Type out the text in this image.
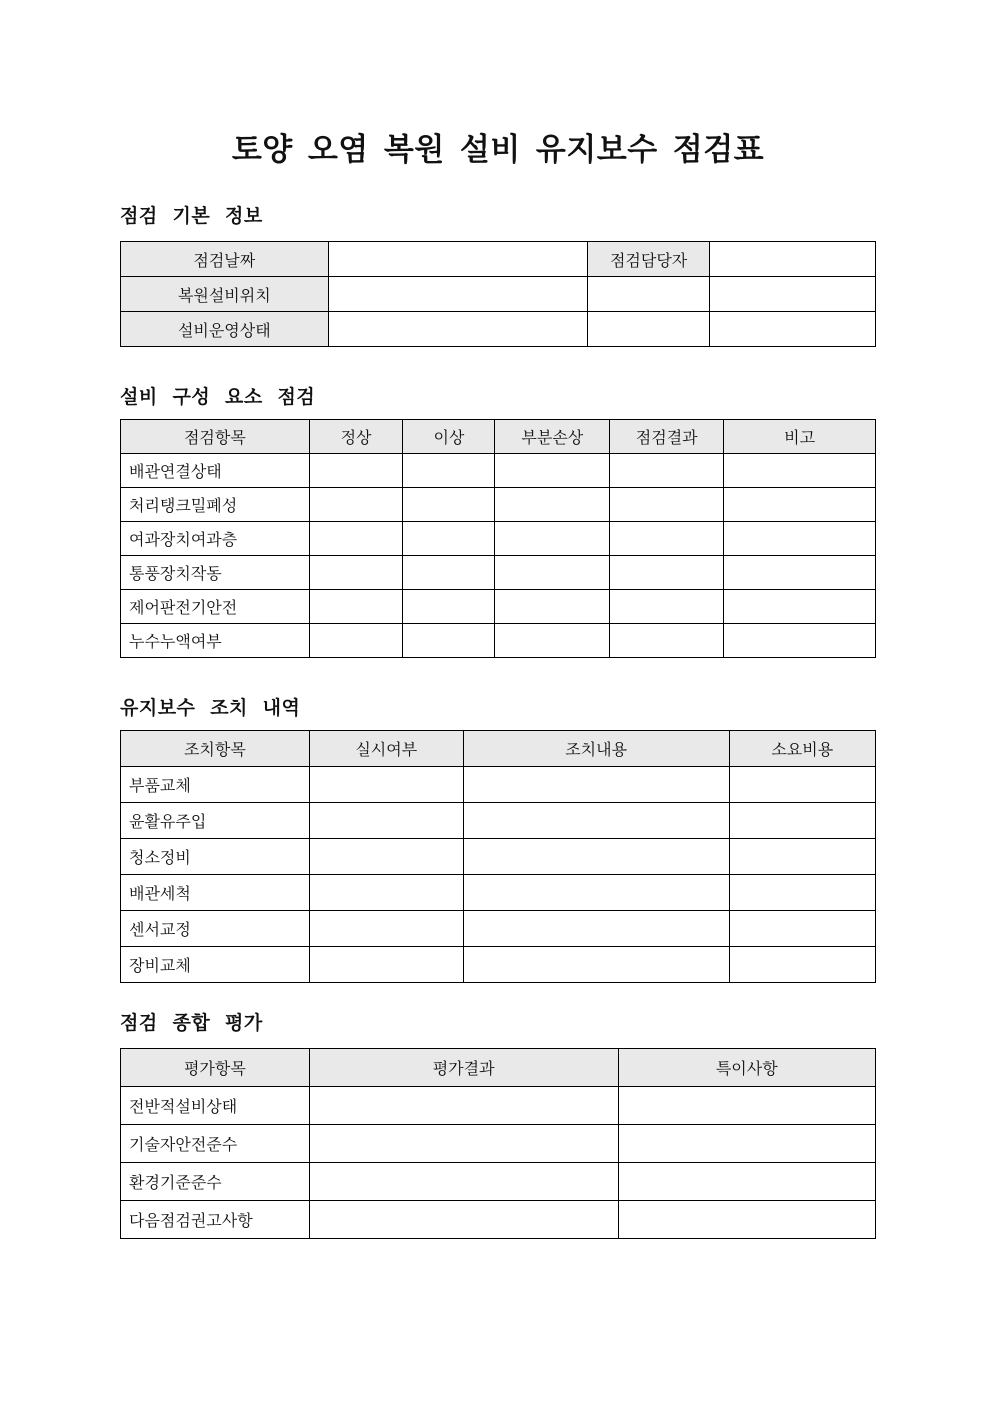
토양 오염 복원 설비 유지보수 점검표
점검 기본 정보
점검날짜		점검담당자	
복원설비위치			
설비운영상태			
설비 구성 요소 점검
점검항목	정상	이상	부분손상	점검결과	비고
배관연결상태					
처리탱크밀폐성					
여과장치여과층					
통풍장치작동					
제어판전기안전					
누수누액여부					
유지보수 조치 내역
조치항목	실시여부	조치내용	소요비용
부품교체			
윤활유주입			
청소정비			
배관세척			
센서교정			
장비교체			
점검 종합 평가
평가항목	평가결과	특이사항
전반적설비상태		
기술자안전준수		
환경기준준수		
다음점검권고사항		
